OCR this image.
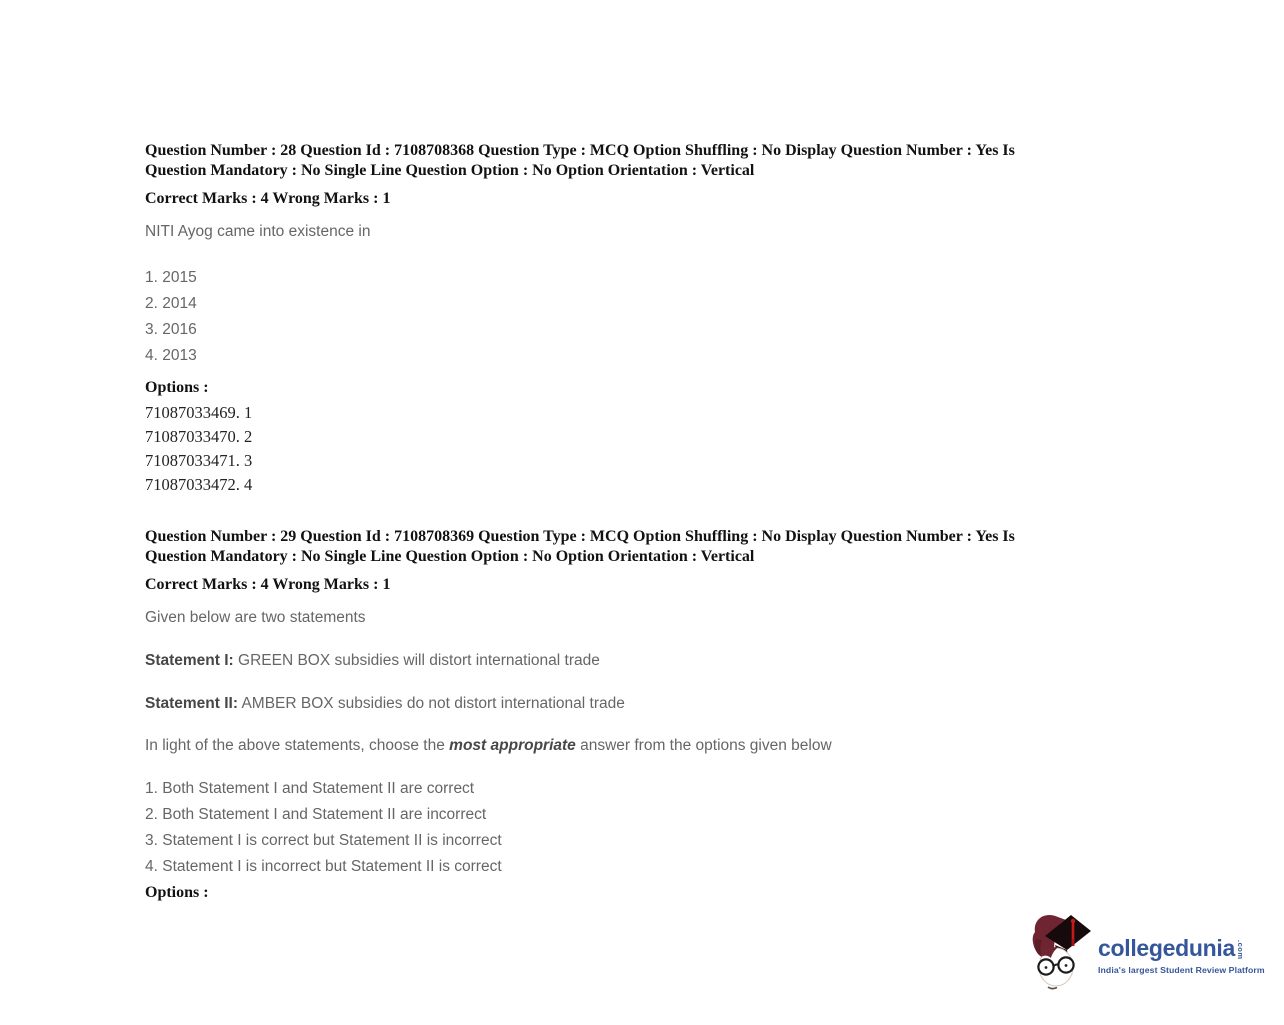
Question Number : 28 Question Id : 7108708368 Question Type : MCQ Option Shuffling : No Display Question Number : Yes Is
Question Mandatory : No Single Line Question Option : No Option Orientation : Vertical
Correct Marks : 4 Wrong Marks : 1
NITI Ayog came into existence in
1. 2015
2. 2014
3. 2016
4. 2013
Options :
71087033469. 1
71087033470. 2
71087033471. 3
71087033472. 4
Question Number : 29 Question Id : 7108708369 Question Type : MCQ Option Shuffling : No Display Question Number : Yes Is
Question Mandatory : No Single Line Question Option : No Option Orientation : Vertical
Correct Marks : 4 Wrong Marks : 1
Given below are two statements
Statement I: GREEN BOX subsidies will distort international trade
Statement II: AMBER BOX subsidies do not distort international trade
In light of the above statements, choose the most appropriate answer from the options given below
1. Both Statement I and Statement II are correct
2. Both Statement I and Statement II are incorrect
3. Statement I is correct but Statement II is incorrect
4. Statement I is incorrect but Statement II is correct
Options :
collegedunia .com
India's largest Student Review Platform
